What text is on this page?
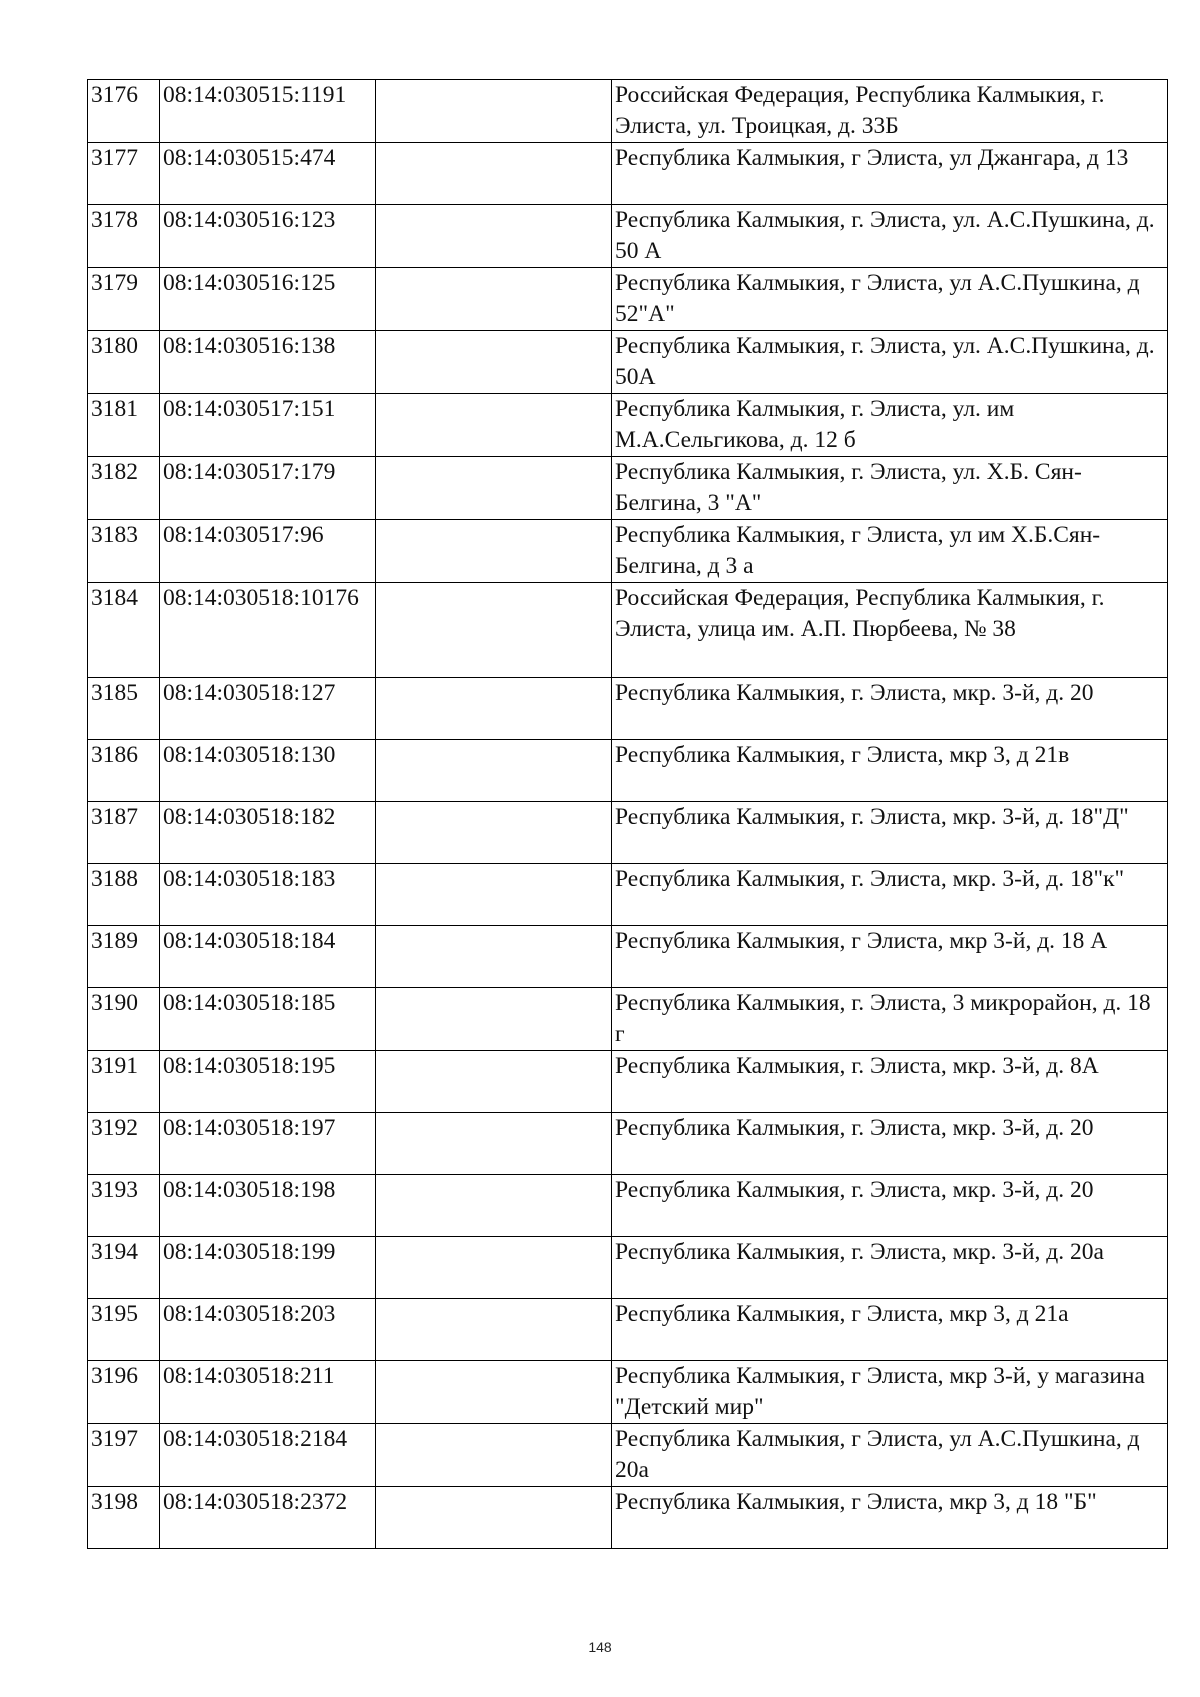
3176	08:14:030515:1191		Российская Федерация, Республика Калмыкия, г. Элиста, ул. Троицкая, д. 33Б
3177	08:14:030515:474		Республика Калмыкия, г Элиста, ул Джангара, д 13
3178	08:14:030516:123		Республика Калмыкия, г. Элиста, ул. А.С.Пушкина, д. 50 А
3179	08:14:030516:125		Республика Калмыкия, г Элиста, ул А.С.Пушкина, д 52"А"
3180	08:14:030516:138		Республика Калмыкия, г. Элиста, ул. А.С.Пушкина, д. 50А
3181	08:14:030517:151		Республика Калмыкия, г. Элиста, ул. им М.А.Сельгикова, д. 12 б
3182	08:14:030517:179		Республика Калмыкия, г. Элиста, ул. Х.Б. Сян-Белгина, 3 "А"
3183	08:14:030517:96		Республика Калмыкия, г Элиста, ул им Х.Б.Сян-Белгина, д 3 а
3184	08:14:030518:10176		Российская Федерация, Республика Калмыкия, г. Элиста, улица им. А.П. Пюрбеева, № 38
3185	08:14:030518:127		Республика Калмыкия, г. Элиста, мкр. 3-й, д. 20
3186	08:14:030518:130		Республика Калмыкия, г Элиста, мкр 3, д 21в
3187	08:14:030518:182		Республика Калмыкия, г. Элиста, мкр. 3-й, д. 18"Д"
3188	08:14:030518:183		Республика Калмыкия, г. Элиста, мкр. 3-й, д. 18"к"
3189	08:14:030518:184		Республика Калмыкия, г Элиста, мкр 3-й, д. 18 А
3190	08:14:030518:185		Республика Калмыкия, г. Элиста, 3 микрорайон, д. 18 г
3191	08:14:030518:195		Республика Калмыкия, г. Элиста, мкр. 3-й, д. 8А
3192	08:14:030518:197		Республика Калмыкия, г. Элиста, мкр. 3-й, д. 20
3193	08:14:030518:198		Республика Калмыкия, г. Элиста, мкр. 3-й, д. 20
3194	08:14:030518:199		Республика Калмыкия, г. Элиста, мкр. 3-й, д. 20а
3195	08:14:030518:203		Республика Калмыкия, г Элиста, мкр 3, д 21а
3196	08:14:030518:211		Республика Калмыкия, г Элиста, мкр 3-й, у магазина "Детский мир"
3197	08:14:030518:2184		Республика Калмыкия, г Элиста, ул А.С.Пушкина, д 20а
3198	08:14:030518:2372		Республика Калмыкия, г Элиста, мкр 3, д 18 "Б"
148
